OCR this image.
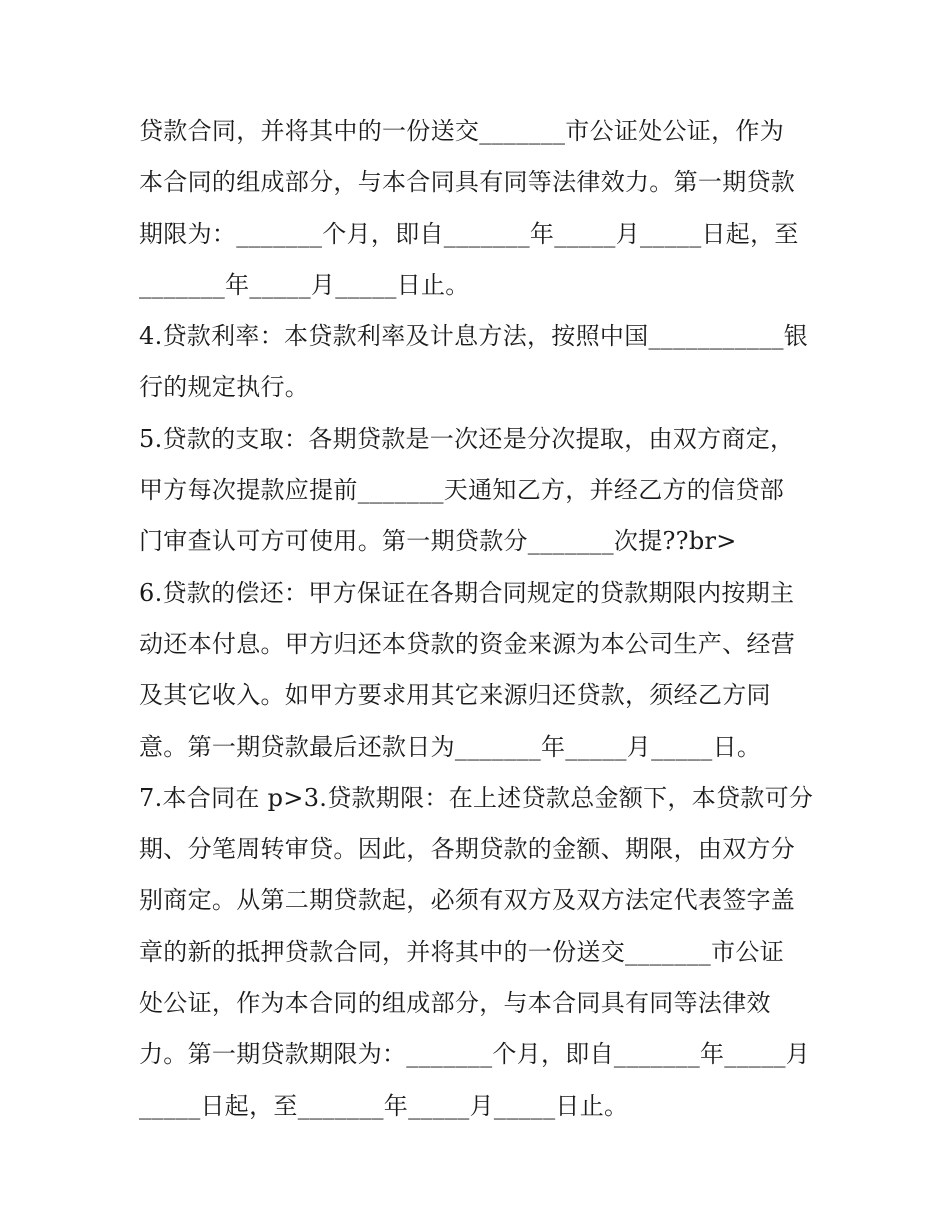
贷款合同，并将其中的一份送交_______市公证处公证，作为
本合同的组成部分，与本合同具有同等法律效力。第一期贷款
期限为：_______个月，即自_______年_____月_____日起，至
_______年_____月_____日止。
4.贷款利率：本贷款利率及计息方法，按照中国___________银
行的规定执行。
5.贷款的支取：各期贷款是一次还是分次提取，由双方商定，
甲方每次提款应提前_______天通知乙方，并经乙方的信贷部
门审查认可方可使用。第一期贷款分_______次提??br>
6.贷款的偿还：甲方保证在各期合同规定的贷款期限内按期主
动还本付息。甲方归还本贷款的资金来源为本公司生产、经营
及其它收入。如甲方要求用其它来源归还贷款，须经乙方同
意。第一期贷款最后还款日为_______年_____月_____日。
7.本合同在 p>3.贷款期限：在上述贷款总金额下，本贷款可分
期、分笔周转审贷。因此，各期贷款的金额、期限，由双方分
别商定。从第二期贷款起，必须有双方及双方法定代表签字盖
章的新的抵押贷款合同，并将其中的一份送交_______市公证
处公证，作为本合同的组成部分，与本合同具有同等法律效
力。第一期贷款期限为：_______个月，即自_______年_____月
_____日起，至_______年_____月_____日止。
